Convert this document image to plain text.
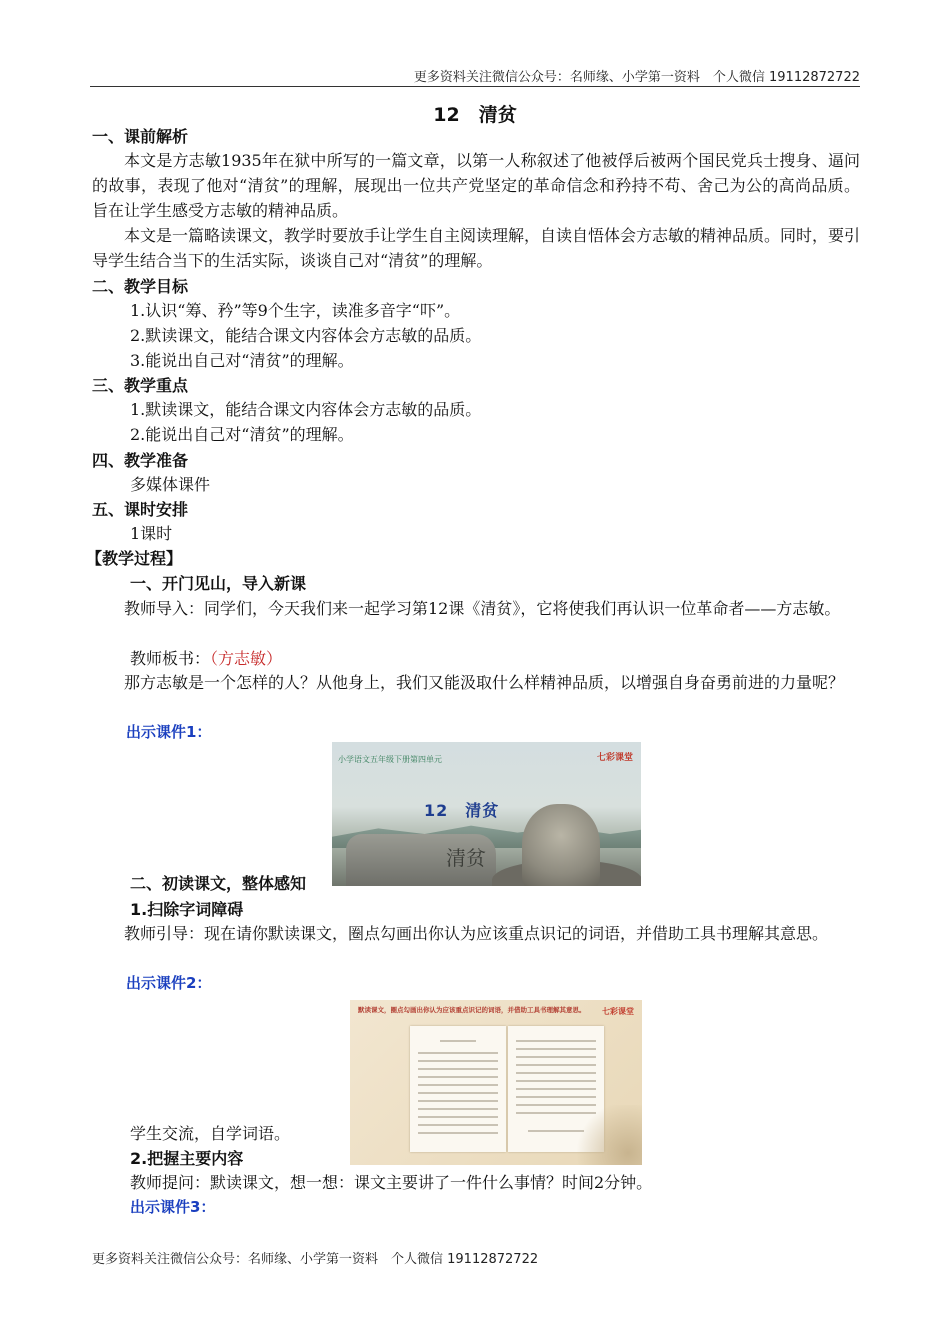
更多资料关注微信公众号：名师缘、小学第一资料　个人微信 19112872722
12　清贫
一、课前解析
本文是方志敏1935年在狱中所写的一篇文章，以第一人称叙述了他被俘后被两个国民党兵士搜身、逼问的故事，表现了他对“清贫”的理解，展现出一位共产党坚定的革命信念和矜持不苟、舍己为公的高尚品质。旨在让学生感受方志敏的精神品质。
本文是一篇略读课文，教学时要放手让学生自主阅读理解，自读自悟体会方志敏的精神品质。同时，要引导学生结合当下的生活实际，谈谈自己对“清贫”的理解。
二、教学目标
1.认识“筹、矜”等9个生字，读准多音字“吓”。
2.默读课文，能结合课文内容体会方志敏的品质。
3.能说出自己对“清贫”的理解。
三、教学重点
1.默读课文，能结合课文内容体会方志敏的品质。
2.能说出自己对“清贫”的理解。
四、教学准备
多媒体课件
五、课时安排
1课时
【教学过程】
一、开门见山，导入新课
教师导入：同学们，今天我们来一起学习第12课《清贫》，它将使我们再认识一位革命者——方志敏。
教师板书：（方志敏）
那方志敏是一个怎样的人？从他身上，我们又能汲取什么样精神品质，以增强自身奋勇前进的力量呢？
出示课件1：
小学语文五年级下册第四单元	七彩课堂
12　清贫
清贫
二、初读课文，整体感知
1.扫除字词障碍
教师引导：现在请你默读课文，圈点勾画出你认为应该重点识记的词语，并借助工具书理解其意思。
出示课件2：
默读课文，圈点勾画出你认为应该重点识记的词语，并借助工具书理解其意思。	七彩课堂
学生交流，自学词语。
2.把握主要内容
教师提问：默读课文，想一想：课文主要讲了一件什么事情？时间2分钟。
出示课件3：
更多资料关注微信公众号：名师缘、小学第一资料　个人微信 19112872722
